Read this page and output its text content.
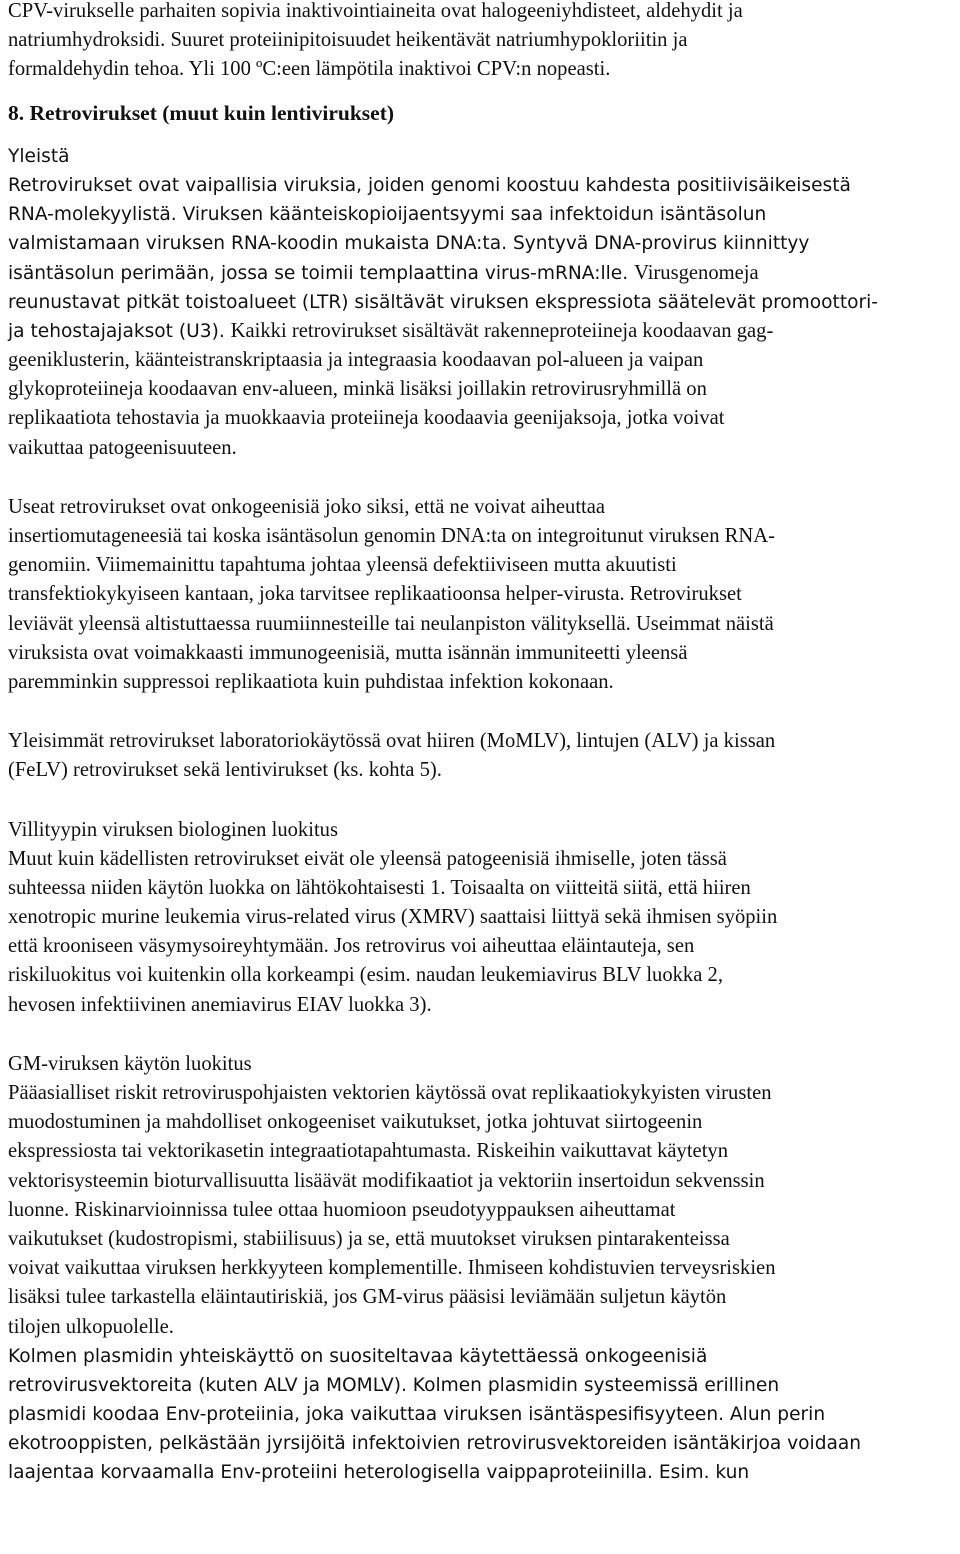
CPV-virukselle parhaiten sopivia inaktivointiaineita ovat halogeeniyhdisteet, aldehydit ja
natriumhydroksidi. Suuret proteiinipitoisuudet heikentävät natriumhypokloriitin ja
formaldehydin tehoa. Yli 100 ºC:een lämpötila inaktivoi CPV:n nopeasti.
8. Retrovirukset (muut kuin lentivirukset)
Yleistä
Retrovirukset ovat vaipallisia viruksia, joiden genomi koostuu kahdesta positiivisäikeisestä
RNA-molekyylistä. Viruksen käänteiskopioijaentsyymi saa infektoidun isäntäsolun
valmistamaan viruksen RNA-koodin mukaista DNA:ta. Syntyvä DNA-provirus kiinnittyy
isäntäsolun perimään, jossa se toimii templaattina virus-mRNA:lle. Virusgenomeja
reunustavat pitkät toistoalueet (LTR) sisältävät viruksen ekspressiota säätelevät promoottori-
ja tehostajajaksot (U3). Kaikki retrovirukset sisältävät rakenneproteiineja koodaavan gag-
geeniklusterin, käänteistranskriptaasia ja integraasia koodaavan pol-alueen ja vaipan
glykoproteiineja koodaavan env-alueen, minkä lisäksi joillakin retrovirusryhmillä on
replikaatiota tehostavia ja muokkaavia proteiineja koodaavia geenijaksoja, jotka voivat
vaikuttaa patogeenisuuteen.
Useat retrovirukset ovat onkogeenisiä joko siksi, että ne voivat aiheuttaa
insertiomutageneesiä tai koska isäntäsolun genomin DNA:ta on integroitunut viruksen RNA-
genomiin. Viimemainittu tapahtuma johtaa yleensä defektiiviseen mutta akuutisti
transfektiokykyiseen kantaan, joka tarvitsee replikaatioonsa helper-virusta. Retrovirukset
leviävät yleensä altistuttaessa ruumiinnesteille tai neulanpiston välityksellä. Useimmat näistä
viruksista ovat voimakkaasti immunogeenisiä, mutta isännän immuniteetti yleensä
paremminkin suppressoi replikaatiota kuin puhdistaa infektion kokonaan.
Yleisimmät retrovirukset laboratoriokäytössä ovat hiiren (MoMLV), lintujen (ALV) ja kissan
(FeLV) retrovirukset sekä lentivirukset (ks. kohta 5).
Villityypin viruksen biologinen luokitus
Muut kuin kädellisten retrovirukset eivät ole yleensä patogeenisiä ihmiselle, joten tässä
suhteessa niiden käytön luokka on lähtökohtaisesti 1. Toisaalta on viitteitä siitä, että hiiren
xenotropic murine leukemia virus-related virus (XMRV) saattaisi liittyä sekä ihmisen syöpiin
että krooniseen väsymysoireyhtymään. Jos retrovirus voi aiheuttaa eläintauteja, sen
riskiluokitus voi kuitenkin olla korkeampi (esim. naudan leukemiavirus BLV luokka 2,
hevosen infektiivinen anemiavirus EIAV luokka 3).
GM-viruksen käytön luokitus
Pääasialliset riskit retroviruspohjaisten vektorien käytössä ovat replikaatiokykyisten virusten
muodostuminen ja mahdolliset onkogeeniset vaikutukset, jotka johtuvat siirtogeenin
ekspressiosta tai vektorikasetin integraatiotapahtumasta. Riskeihin vaikuttavat käytetyn
vektorisysteemin bioturvallisuutta lisäävät modifikaatiot ja vektoriin insertoidun sekvenssin
luonne. Riskinarvioinnissa tulee ottaa huomioon pseudotyyppauksen aiheuttamat
vaikutukset (kudostropismi, stabiilisuus) ja se, että muutokset viruksen pintarakenteissa
voivat vaikuttaa viruksen herkkyyteen komplementille. Ihmiseen kohdistuvien terveysriskien
lisäksi tulee tarkastella eläintautiriskiä, jos GM-virus pääsisi leviämään suljetun käytön
tilojen ulkopuolelle.
Kolmen plasmidin yhteiskäyttö on suositeltavaa käytettäessä onkogeenisiä
retrovirusvektoreita (kuten ALV ja MOMLV). Kolmen plasmidin systeemissä erillinen
plasmidi koodaa Env-proteiinia, joka vaikuttaa viruksen isäntäspesifisyyteen. Alun perin
ekotrooppisten, pelkästään jyrsijöitä infektoivien retrovirusvektoreiden isäntäkirjoa voidaan
laajentaa korvaamalla Env-proteiini heterologisella vaippaproteiinilla. Esim. kun
